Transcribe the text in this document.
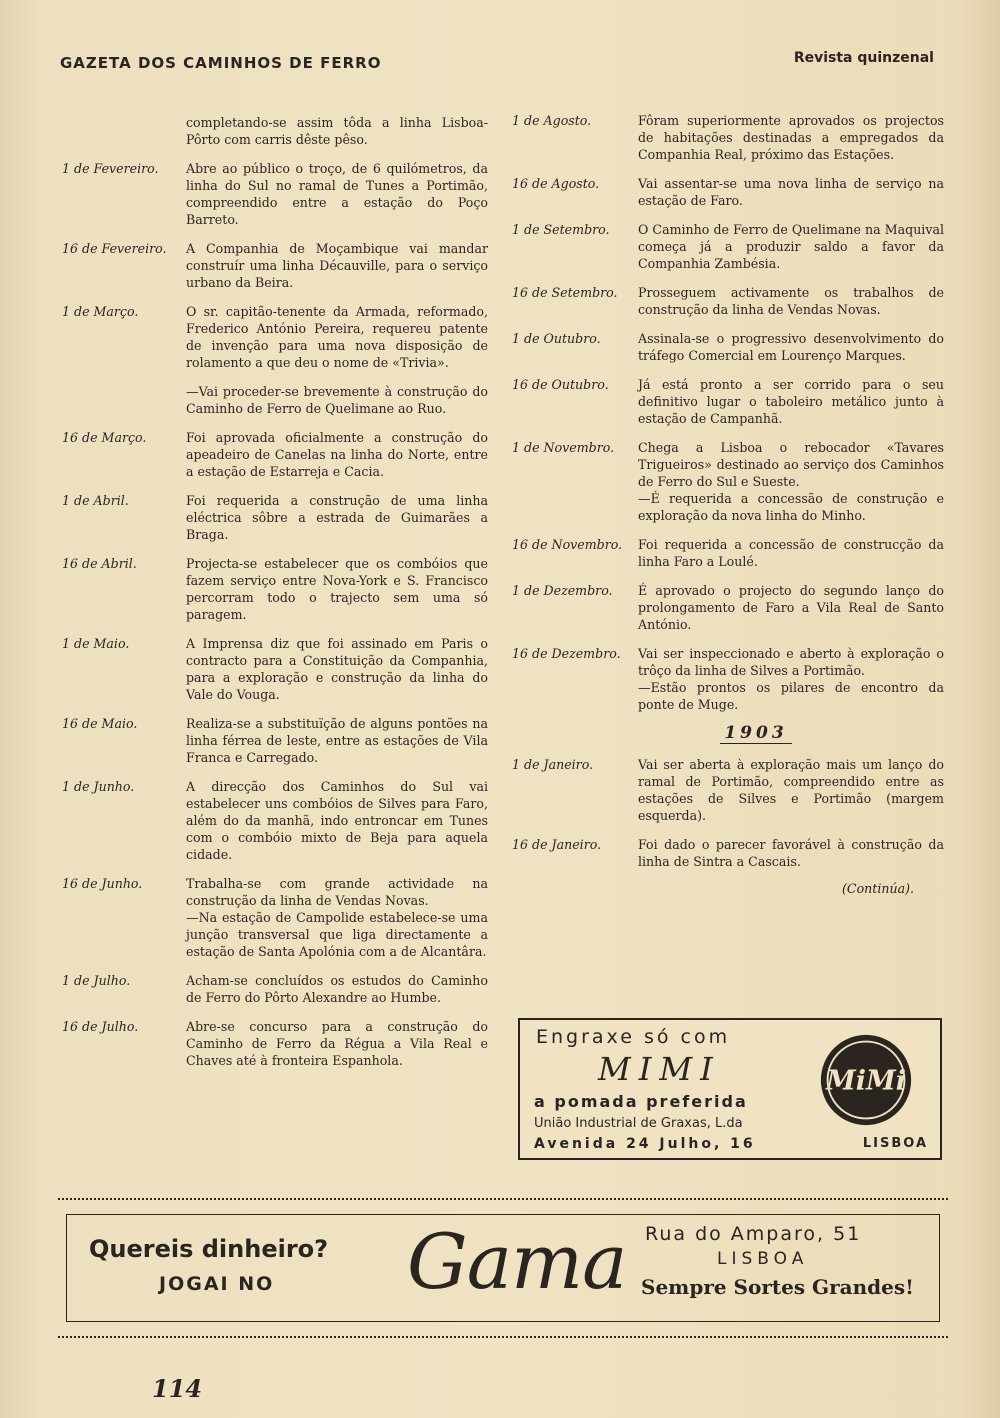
GAZETA DOS CAMINHOS DE FERRO	Revista quinzenal
completando-se assim tôda a linha Lisboa-Pôrto com carris dêste pêso.
1 de Fevereiro.	Abre ao público o troço, de 6 quilómetros, da linha do Sul no ramal de Tunes a Portimão, compreendido entre a estação do Poço Barreto.
16 de Fevereiro.	A Companhia de Moçambique vai mandar construír uma linha Décauville, para o serviço urbano da Beira.
1 de Março.	O sr. capitão-tenente da Armada, reformado, Frederico António Pereira, requereu patente de invenção para uma nova disposição de rolamento a que deu o nome de «Trivia».
—Vai proceder-se brevemente à construção do Caminho de Ferro de Quelimane ao Ruo.
16 de Março.	Foi aprovada oficialmente a construção do apeadeiro de Canelas na linha do Norte, entre a estação de Estarreja e Cacia.
1 de Abril.	Foi requerida a construção de uma linha eléctrica sôbre a estrada de Guimarães a Braga.
16 de Abril.	Projecta-se estabelecer que os combóios que fazem serviço entre Nova-York e S. Francisco percorram todo o trajecto sem uma só paragem.
1 de Maio.	A Imprensa diz que foi assinado em Paris o contracto para a Constituição da Companhia, para a exploração e construção da linha do Vale do Vouga.
16 de Maio.	Realiza-se a substituïção de alguns pontões na linha férrea de leste, entre as estações de Vila Franca e Carregado.
1 de Junho.	A direcção dos Caminhos do Sul vai estabelecer uns combóios de Silves para Faro, além do da manhã, indo entroncar em Tunes com o combóio mixto de Beja para aquela cidade.
16 de Junho.	Trabalha-se com grande actividade na construção da linha de Vendas Novas.
—Na estação de Campolide estabelece-se uma junção transversal que liga directamente a estação de Santa Apolónia com a de Alcantâra.
1 de Julho.	Acham-se concluídos os estudos do Caminho de Ferro do Pôrto Alexandre ao Humbe.
16 de Julho.	Abre-se concurso para a construção do Caminho de Ferro da Régua a Vila Real e Chaves até à fronteira Espanhola.
1 de Agosto.	Fôram superiormente aprovados os projectos de habitações destinadas a empregados da Companhia Real, próximo das Estações.
16 de Agosto.	Vai assentar-se uma nova linha de serviço na estação de Faro.
1 de Setembro.	O Caminho de Ferro de Quelimane na Maquival começa já a produzir saldo a favor da Companhia Zambésia.
16 de Setembro.	Prosseguem activamente os trabalhos de construção da linha de Vendas Novas.
1 de Outubro.	Assinala-se o progressivo desenvolvimento do tráfego Comercial em Lourenço Marques.
16 de Outubro.	Já está pronto a ser corrido para o seu definitivo lugar o taboleiro metálico junto à estação de Campanhã.
1 de Novembro.	Chega a Lisboa o rebocador «Tavares Trigueiros» destinado ao serviço dos Caminhos de Ferro do Sul e Sueste.
—É requerida a concessão de construção e exploração da nova linha do Minho.
16 de Novembro.	Foi requerida a concessão de construcção da linha Faro a Loulé.
1 de Dezembro.	É aprovado o projecto do segundo lanço do prolongamento de Faro a Vila Real de Santo António.
16 de Dezembro.	Vai ser inspeccionado e aberto à exploração o trôço da linha de Silves a Portimão.
—Estão prontos os pilares de encontro da ponte de Muge.
1903
1 de Janeiro.	Vai ser aberta à exploração mais um lanço do ramal de Portimão, compreendido entre as estações de Silves e Portimão (margem esquerda).
16 de Janeiro.	Foi dado o parecer favorável à construção da linha de Sintra a Cascais.
(Continúa).
Engraxe só com
MIMI
a pomada preferida
União Industrial de Graxas, L.da
Avenida 24 Julho, 16	LISBOA
MiMi
Quereis dinheiro?
JOGAI NO Gama Rua do Amparo, 51
LISBOA
Sempre Sortes Grandes!
114
